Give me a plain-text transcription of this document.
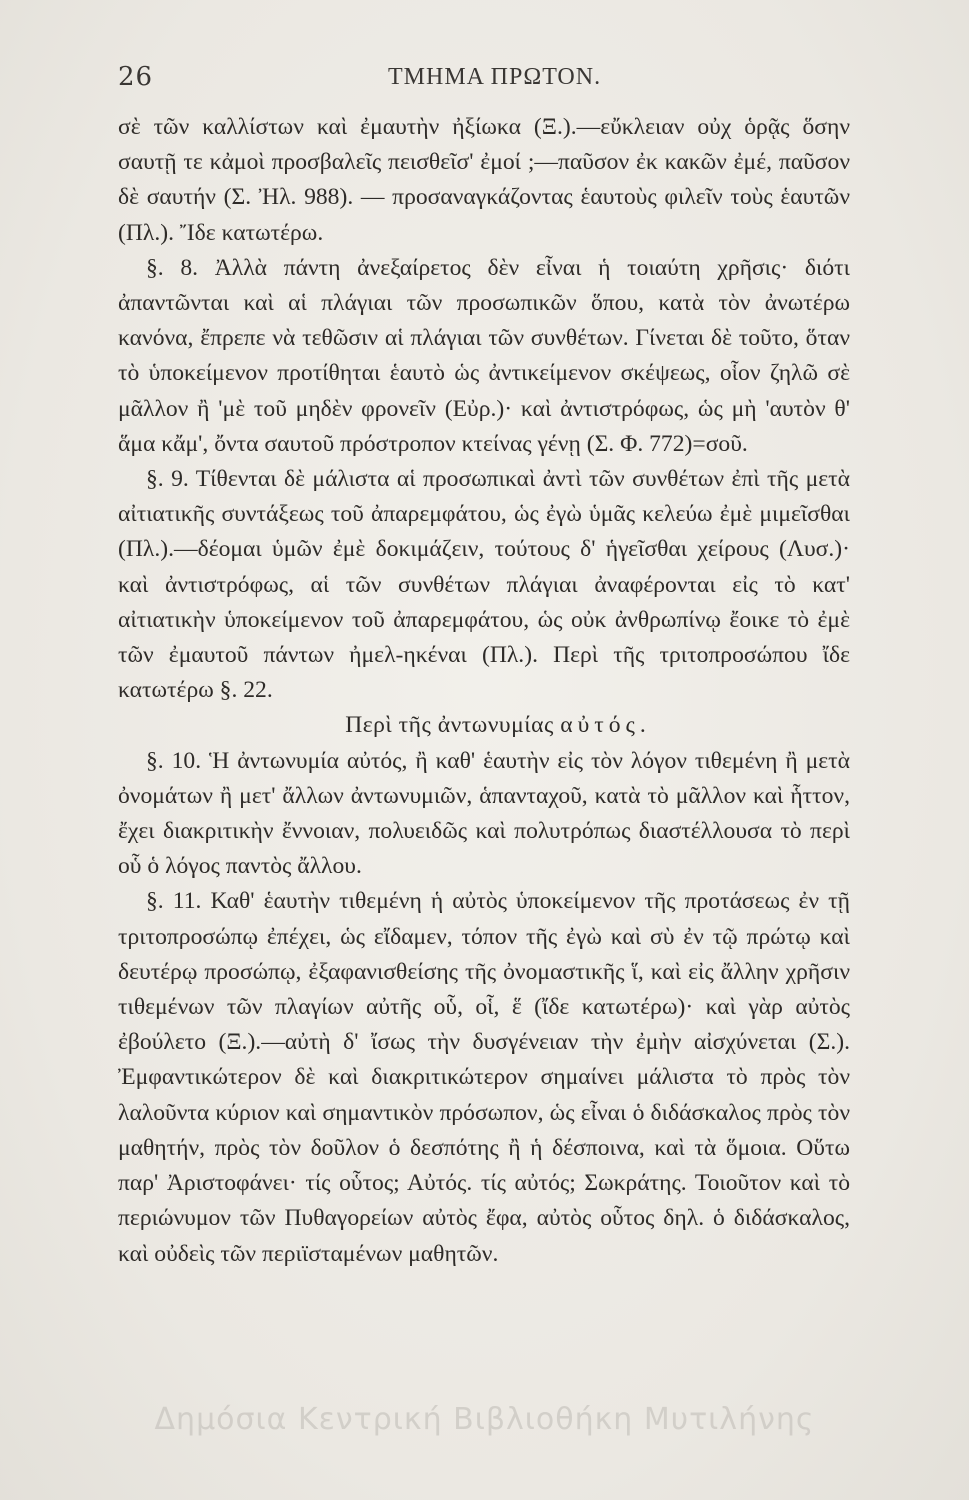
26	ΤΜΗΜΑ ΠΡΩΤΟΝ.

σὲ τῶν καλλίστων καὶ ἐμαυτὴν ἠξίωκα (Ξ.).—εὔκλειαν οὐχ ὁρᾷς ὅσην σαυτῇ τε κἀμοὶ προσβαλεῖς πεισθεῖσ' ἐμοί ;—παῦσον ἐκ κακῶν ἐμέ, παῦσον δὲ σαυτήν (Σ. Ἠλ. 988). — προσαναγκάζοντας ἑαυτοὺς φιλεῖν τοὺς ἑαυτῶν (Πλ.). Ἴδε κατωτέρω.

§. 8. Ἀλλὰ πάντη ἀνεξαίρετος δὲν εἶναι ἡ τοιαύτη χρῆσις· διότι ἀπαντῶνται καὶ αἱ πλάγιαι τῶν προσωπικῶν ὅπου, κατὰ τὸν ἀνωτέρω κανόνα, ἔπρεπε νὰ τεθῶσιν αἱ πλάγιαι τῶν συνθέτων. Γίνεται δὲ τοῦτο, ὅταν τὸ ὑποκείμενον προτίθηται ἑαυτὸ ὡς ἀντικείμενον σκέψεως, οἷον ζηλῶ σὲ μᾶλλον ἢ 'μὲ τοῦ μηδὲν φρονεῖν (Εὐρ.)· καὶ ἀντιστρόφως, ὡς μὴ 'αυτὸν θ' ἅμα κἄμ', ὄντα σαυτοῦ πρόστροπον κτείνας γένῃ (Σ. Φ. 772)=σοῦ.

§. 9. Τίθενται δὲ μάλιστα αἱ προσωπικαὶ ἀντὶ τῶν συνθέτων ἐπὶ τῆς μετὰ αἰτιατικῆς συντάξεως τοῦ ἀπαρεμφάτου, ὡς ἐγὼ ὑμᾶς κελεύω ἐμὲ μιμεῖσθαι (Πλ.).—δέομαι ὑμῶν ἐμὲ δοκιμάζειν, τούτους δ' ἡγεῖσθαι χείρους (Λυσ.)· καὶ ἀντιστρόφως, αἱ τῶν συνθέτων πλάγιαι ἀναφέρονται εἰς τὸ κατ' αἰτιατικὴν ὑποκείμενον τοῦ ἀπαρεμφάτου, ὡς οὐκ ἀνθρωπίνῳ ἔοικε τὸ ἐμὲ τῶν ἐμαυτοῦ πάντων ἠμελ-ηκέναι (Πλ.). Περὶ τῆς τριτοπροσώπου ἴδε κατωτέρω §. 22.

Περὶ τῆς ἀντωνυμίας αὐτός.

§. 10. Ἡ ἀντωνυμία αὐτός, ἢ καθ' ἑαυτὴν εἰς τὸν λόγον τιθεμένη ἢ μετὰ ὀνομάτων ἢ μετ' ἄλλων ἀντωνυμιῶν, ἁπανταχοῦ, κατὰ τὸ μᾶλλον καὶ ἧττον, ἔχει διακριτικὴν ἔννοιαν, πολυειδῶς καὶ πολυτρόπως διαστέλλουσα τὸ περὶ οὗ ὁ λόγος παντὸς ἄλλου.

§. 11. Καθ' ἑαυτὴν τιθεμένη ἡ αὐτὸς ὑποκείμενον τῆς προτάσεως ἐν τῇ τριτοπροσώπῳ ἐπέχει, ὡς εἴδαμεν, τόπον τῆς ἐγὼ καὶ σὺ ἐν τῷ πρώτῳ καὶ δευτέρῳ προσώπῳ, ἐξαφανισθείσης τῆς ὀνομαστικῆς ἵ, καὶ εἰς ἄλλην χρῆσιν τιθεμένων τῶν πλαγίων αὐτῆς οὗ, οἷ, ἕ (ἴδε κατωτέρω)· καὶ γὰρ αὐτὸς ἐβούλετο (Ξ.).—αὐτὴ δ' ἴσως τὴν δυσγένειαν τὴν ἐμὴν αἰσχύνεται (Σ.). Ἐμφαντικώτερον δὲ καὶ διακριτικώτερον σημαίνει μάλιστα τὸ πρὸς τὸν λαλοῦντα κύριον καὶ σημαντικὸν πρόσωπον, ὡς εἶναι ὁ διδάσκαλος πρὸς τὸν μαθητήν, πρὸς τὸν δοῦλον ὁ δεσπότης ἢ ἡ δέσποινα, καὶ τὰ ὅμοια. Οὕτω παρ' Ἀριστοφάνει· τίς οὗτος; Αὐτός. τίς αὐτός; Σωκράτης. Τοιοῦτον καὶ τὸ περιώνυμον τῶν Πυθαγορείων αὐτὸς ἔφα, αὐτὸς οὗτος δηλ. ὁ διδάσκαλος, καὶ οὐδεὶς τῶν περιϊσταμένων μαθητῶν.

Δημόσια Κεντρική Βιβλιοθήκη Μυτιλήνης
